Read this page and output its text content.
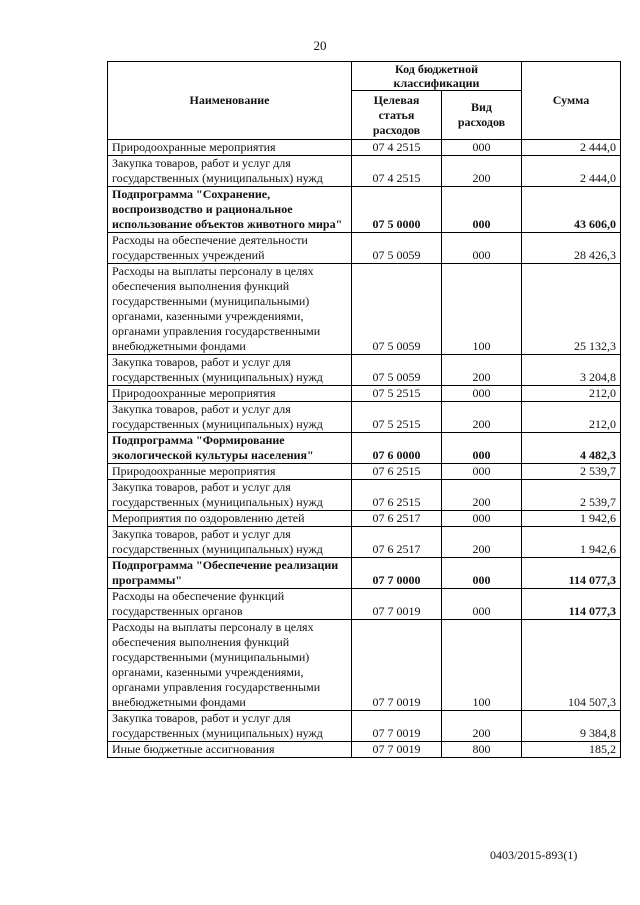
20
Наименование	Код бюджетной классификации		Сумма
	Целевая статья расходов	Вид расходов	
Природоохранные мероприятия	07 4 2515	000	2 444,0
Закупка товаров, работ и услуг для государственных (муниципальных) нужд	07 4 2515	200	2 444,0
Подпрограмма "Сохранение, воспроизводство и рациональное использование объектов животного мира"	07 5 0000	000	43 606,0
Расходы на обеспечение деятельности государственных учреждений	07 5 0059	000	28 426,3
Расходы на выплаты персоналу в целях обеспечения выполнения функций государственными (муниципальными) органами, казенными учреждениями, органами управления государственными внебюджетными фондами	07 5 0059	100	25 132,3
Закупка товаров, работ и услуг для государственных (муниципальных) нужд	07 5 0059	200	3 204,8
Природоохранные мероприятия	07 5 2515	000	212,0
Закупка товаров, работ и услуг для государственных (муниципальных) нужд	07 5 2515	200	212,0
Подпрограмма "Формирование экологической культуры населения"	07 6 0000	000	4 482,3
Природоохранные мероприятия	07 6 2515	000	2 539,7
Закупка товаров, работ и услуг для государственных (муниципальных) нужд	07 6 2515	200	2 539,7
Мероприятия по оздоровлению детей	07 6 2517	000	1 942,6
Закупка товаров, работ и услуг для государственных (муниципальных) нужд	07 6 2517	200	1 942,6
Подпрограмма "Обеспечение реализации программы"	07 7 0000	000	114 077,3
Расходы на обеспечение функций государственных органов	07 7 0019	000	114 077,3
Расходы на выплаты персоналу в целях обеспечения выполнения функций государственными (муниципальными) органами, казенными учреждениями, органами управления государственными внебюджетными фондами	07 7 0019	100	104 507,3
Закупка товаров, работ и услуг для государственных (муниципальных) нужд	07 7 0019	200	9 384,8
Иные бюджетные ассигнования	07 7 0019	800	185,2
0403/2015-893(1)
